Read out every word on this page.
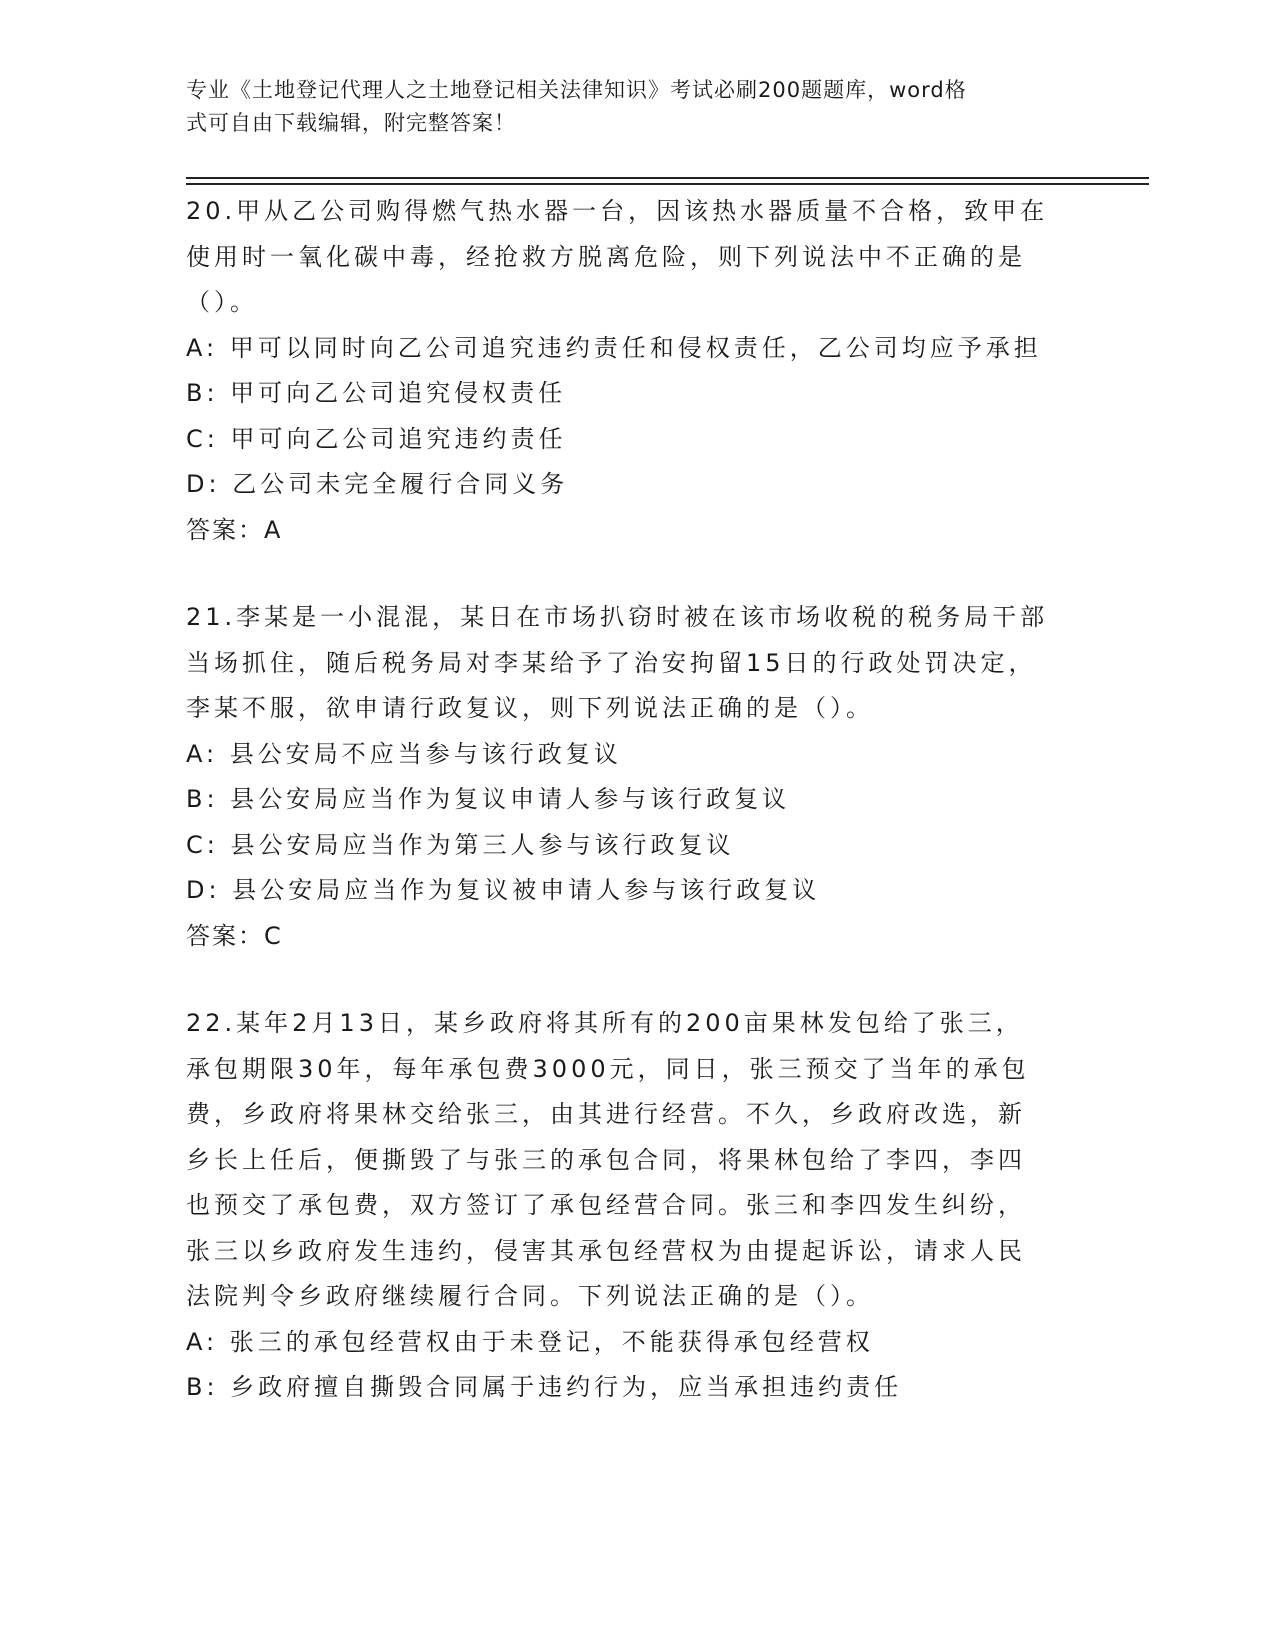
专业《土地登记代理人之土地登记相关法律知识》考试必刷200题题库，word格
式可自由下载编辑，附完整答案！

20.甲从乙公司购得燃气热水器一台，因该热水器质量不合格，致甲在

使用时一氧化碳中毒，经抢救方脱离危险，则下列说法中不正确的是

（）。

A: 甲可以同时向乙公司追究违约责任和侵权责任，乙公司均应予承担

B: 甲可向乙公司追究侵权责任

C: 甲可向乙公司追究违约责任

D: 乙公司未完全履行合同义务

答案：A

21.李某是一小混混，某日在市场扒窃时被在该市场收税的税务局干部

当场抓住，随后税务局对李某给予了治安拘留15日的行政处罚决定，

李某不服，欲申请行政复议，则下列说法正确的是（）。

A: 县公安局不应当参与该行政复议

B: 县公安局应当作为复议申请人参与该行政复议

C: 县公安局应当作为第三人参与该行政复议

D: 县公安局应当作为复议被申请人参与该行政复议

答案：C

22.某年2月13日，某乡政府将其所有的200亩果林发包给了张三，

承包期限30年，每年承包费3000元，同日，张三预交了当年的承包

费，乡政府将果林交给张三，由其进行经营。不久，乡政府改选，新

乡长上任后，便撕毁了与张三的承包合同，将果林包给了李四，李四

也预交了承包费，双方签订了承包经营合同。张三和李四发生纠纷，

张三以乡政府发生违约，侵害其承包经营权为由提起诉讼，请求人民

法院判令乡政府继续履行合同。下列说法正确的是（）。

A: 张三的承包经营权由于未登记，不能获得承包经营权

B: 乡政府擅自撕毁合同属于违约行为，应当承担违约责任
